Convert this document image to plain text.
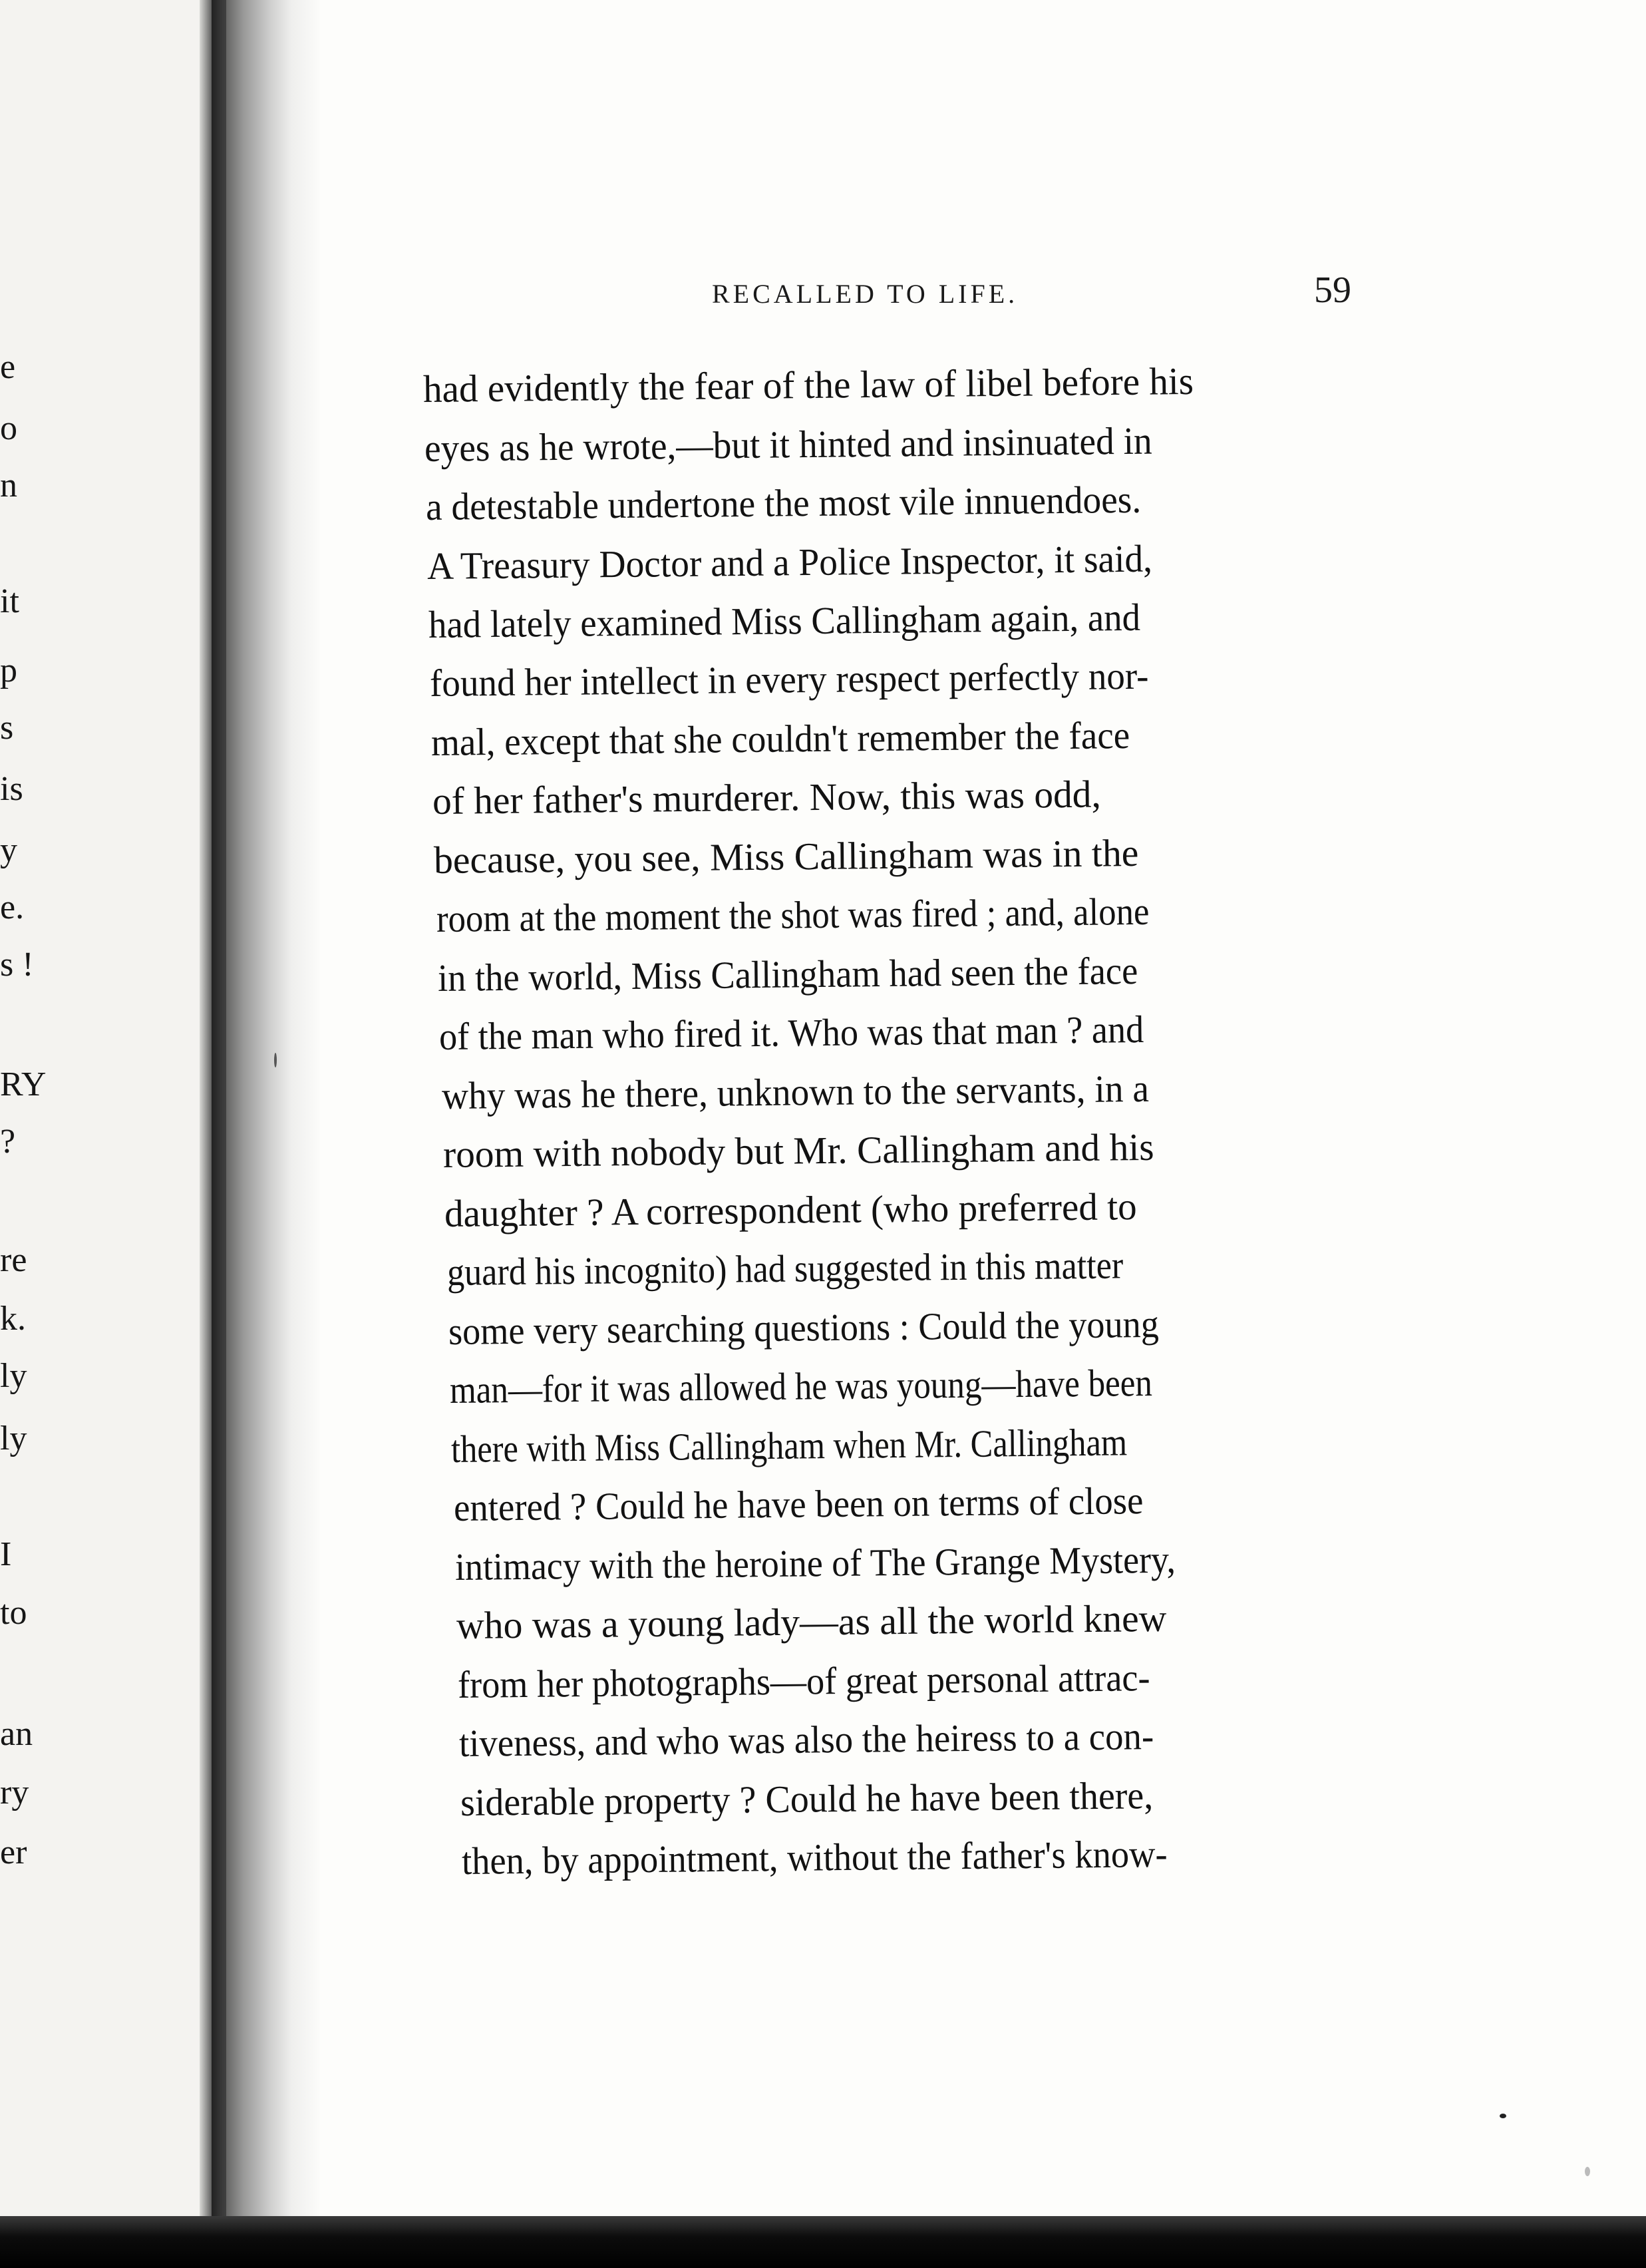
e
o
n
it
p
s
is
y
e.
s !
RY
?
re
k.
ly
ly
I
to
an
ry
er
RECALLED TO LIFE.	59
had evidently the fear of the law of libel before his
eyes as he wrote,—but it hinted and insinuated in
a detestable undertone the most vile innuendoes.
A Treasury Doctor and a Police Inspector, it said,
had lately examined Miss Callingham again, and
found her intellect in every respect perfectly nor-
mal, except that she couldn't remember the face
of her father's murderer. Now, this was odd,
because, you see, Miss Callingham was in the
room at the moment the shot was fired ; and, alone
in the world, Miss Callingham had seen the face
of the man who fired it. Who was that man ? and
why was he there, unknown to the servants, in a
room with nobody but Mr. Callingham and his
daughter ? A correspondent (who preferred to
guard his incognito) had suggested in this matter
some very searching questions : Could the young
man—for it was allowed he was young—have been
there with Miss Callingham when Mr. Callingham
entered ? Could he have been on terms of close
intimacy with the heroine of The Grange Mystery,
who was a young lady—as all the world knew
from her photographs—of great personal attrac-
tiveness, and who was also the heiress to a con-
siderable property ? Could he have been there,
then, by appointment, without the father's know-
